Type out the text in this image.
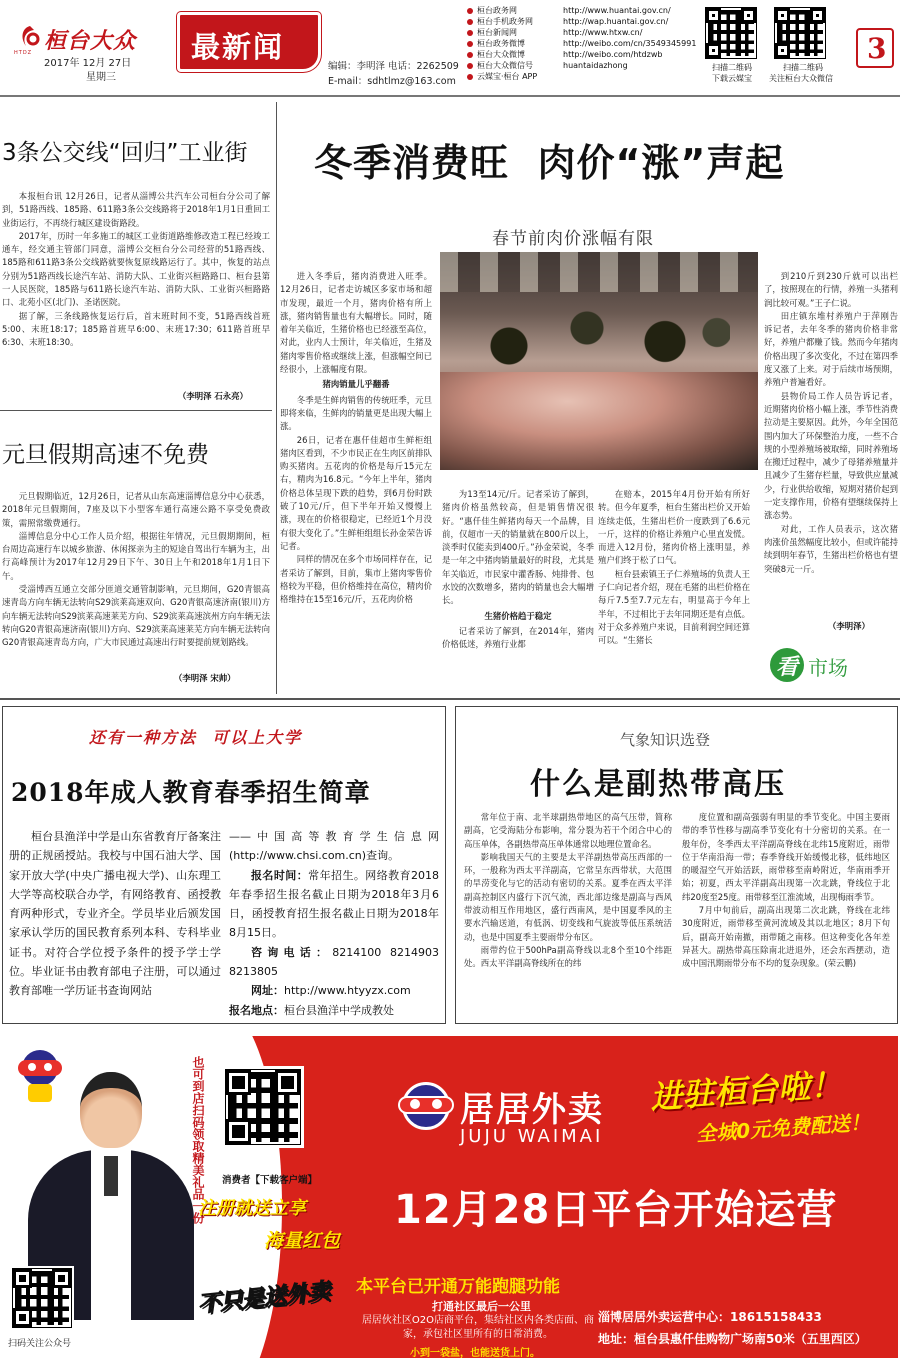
桓台大众
HTDZ
2017年 12月 27日
星期三
最新闻
编辑：李明泽 电话：2262509
E-mail：sdhtlmz@163.com
桓台政务网	http://www.huantai.gov.cn/
桓台手机政务网	http://wap.huantai.gov.cn/
桓台新闻网	http://www.htxw.cn/
桓台政务微博	http://weibo.com/cn/3549345991
桓台大众微博	http://weibo.com/htdzwb
桓台大众微信号	huantaidazhong
云媒宝·桓台 APP
扫描二维码
下载云媒宝
扫描二维码
关注桓台大众微信
3
3条公交线“回归”工业街

本报桓台讯 12月26日，记者从淄博公共汽车公司桓台分公司了解到，51路西线、185路、611路3条公交线路将于2018年1月1日重回工业街运行，不再绕行城区建设街路段。

2017年，历时一年多施工的城区工业街道路维修改造工程已经竣工通车，经交通主管部门同意，淄博公交桓台分公司经营的51路西线、185路和611路3条公交线路就要恢复原线路运行了。其中，恢复的站点分别为51路西线长途汽车站、消防大队、工业街兴桓路路口、桓台县第一人民医院，185路与611路长途汽车站、消防大队、工业街兴桓路路口、北苑小区(北门)、圣诺医院。

据了解，三条线路恢复运行后，首末班时间不变，51路西线首班5:00、末班18:17；185路首班早6:00、末班17:30；611路首班早6:30、末班18:30。

（李明泽 石永亮）
元旦假期高速不免费

元旦假期临近，12月26日，记者从山东高速淄博信息分中心获悉，2018年元旦假期间，7座及以下小型客车通行高速公路不享受免费政策，需照常缴费通行。

淄博信息分中心工作人员介绍，根据往年情况，元旦假期期间，桓台周边高速行车以城乡旅游、休闲探亲为主的短途自驾出行车辆为主，出行高峰预计为2017年12月29日下午、30日上午和2018年1月1日下午。

受淄博西互通立交部分匝道交通管制影响，元旦期间，G20青银高速青岛方向车辆无法转向S29滨莱高速双向、G20青银高速济南(银川)方向车辆无法转向S29滨莱高速莱芜方向、S29滨莱高速滨州方向车辆无法转向G20青银高速济南(银川)方向、S29滨莱高速莱芜方向车辆无法转向G20青银高速青岛方向，广大市民通过高速出行时要提前规划路线。

（李明泽 宋帅）
冬季消费旺  肉价“涨”声起
春节前肉价涨幅有限

进入冬季后，猪肉消费进入旺季。12月26日，记者走访城区多家市场和超市发现，最近一个月，猪肉价格有所上涨，猪肉销售量也有大幅增长。同时，随着年关临近，生猪价格也已经涨至高位，对此，业内人士预计，年关临近，生猪及猪肉零售价格或继续上涨，但涨幅空间已经很小，上涨幅度有限。

猪肉销量儿乎翻番

冬季是生鲜肉销售的传统旺季，元旦即将来临，生鲜肉的销量更是出现大幅上涨。

26日，记者在惠仟佳超市生鲜柜组猪肉区看到，不少市民正在生肉区前排队购买猪肉。五花肉的价格是每斤15元左右，精肉为16.8元。“今年上半年，猪肉价格总体呈现下跌的趋势，到6月份时跌破了10元/斤，但下半年开始又慢慢上涨，现在的价格很稳定，已经近1个月没有很大变化了。”生鲜柜组组长孙金荣告诉记者。

同样的情况在多个市场同样存在，记者采访了解到，目前，集市上猪肉零售价格较为平稳，但价格维持在高位，精肉价格维持在15至16元/斤，五花肉价格

为13至14元/斤。记者采访了解到，猪肉价格虽然较高，但是销售情况很好。“惠仟佳生鲜猪肉每天一个品牌，目前，仅超市一天的销量就在800斤以上，淡季时仅能卖到400斤。”孙金荣说，冬季是一年之中猪肉销量最好的时段，尤其是年关临近，市民家中灌香肠、炖排骨、包水饺的次数增多，猪肉的销量也会大幅增长。

生猪价格趋于稳定

记者采访了解到，在2014年，猪肉价格低迷，养殖行业都

在赔本，2015年4月份开始有所好转。但今年夏季，桓台生猪出栏价又开始连续走低，生猪出栏价一度跌到了6.6元一斤，这样的价格让养殖户心里直发慌。而进入12月份，猪肉价格上涨明显，养殖户们终于松了口气。

桓台县索镇王子仁养殖场的负责人王子仁向记者介绍，现在毛猪的出栏价格在每斤7.5至7.7元左右，明显高于今年上半年，不过相比于去年同期还是有点低。对于众多养殖户来说，目前利润空间还算可以。“生猪长

到210斤到230斤就可以出栏了，按照现在的行情，养殖一头猪利润比较可观。”王子仁说。

田庄镇东堆村养殖户于萍刚告诉记者，去年冬季的猪肉价格非常好，养殖户都赚了钱。然而今年猪肉价格出现了多次变化，不过在第四季度又涨了上来。对于后续市场预期，养殖户普遍看好。

县物价局工作人员告诉记者，近期猪肉价格小幅上涨，季节性消费拉动是主要原因。此外，今年全国范围内加大了环保整治力度，一些不合规的小型养殖场被取缔，同时养殖场在搬迁过程中，减少了母猪养殖量并且减少了生猪存栏量，导致供应量减少，行业供给收缩，短期对猪价起到一定支撑作用，价格有望继续保持上涨态势。

对此，工作人员表示，这次猪肉涨价虽然幅度比较小，但或许能持续到明年春节，生猪出栏价格也有望突破8元一斤。

（李明泽）
看 市场
还有一种方法  可以上大学
2018年成人教育春季招生简章
桓台县渔洋中学是山东省教育厅备案注册的正规函授站。我校与中国石油大学、国家开放大学(中央广播电视大学)、山东理工大学等高校联合办学，有网络教育、函授教育两种形式，专业齐全。学员毕业后颁发国家承认学历的国民教育系列本科、专科毕业证书。对符合学位授予条件的授予学士学位。毕业证书由教育部电子注册，可以通过教育部唯一学历证书查询网站
——中国高等教育学生信息网(http://www.chsi.com.cn)查询。
报名时间：常年招生。网络教育2018年春季招生报名截止日期为2018年3月6日，函授教育招生报名截止日期为2018年8月15日。
咨询电话：8214100 8214903 8213805
网址：http://www.htyyzx.com
报名地点：桓台县渔洋中学成教处
气象知识选登
什么是副热带高压

常年位于南、北半球副热带地区的高气压带，简称副高，它受海陆分布影响，常分裂为若干个闭合中心的高压单体，各副热带高压单体通常以地理位置命名。

影响我国天气的主要是太平洋副热带高压西部的一环，一般称为西太平洋副高，它常呈东西带状，大范围的旱涝变化与它的活动有密切的关系。夏季在西太平洋副高控制区内盛行下沉气流，西北部边缘是副高与西风带波动相互作用地区，盛行西南风，是中国夏季风的主要水汽输送道，有低涡、切变线和气旋波等低压系统活动，也是中国夏季主要雨带分布区。

雨带约位于500hPa副高脊线以北8个至10个纬距处。西太平洋副高脊线所在的纬

度位置和副高强弱有明显的季节变化。中国主要雨带的季节性移与副高季节变化有十分密切的关系。在一般年份，冬季西太平洋副高脊线在北纬15度附近，雨带位于华南沿海一带；春季脊线开始缓慢北移，低纬地区的暖湿空气开始活跃，雨带移至南岭附近，华南雨季开始；初夏，西太平洋副高出现第一次北跳，脊线位于北纬20度至25度。雨带移至江淮流域，出现梅雨季节。

7月中旬前后，副高出现第二次北跳，脊线在北纬30度附近，雨带移至黄河流域及其以北地区；8月下旬后，副高开始南撤，雨带随之南移。但这种变化各年差异甚大。副热带高压除南北进退外，还会东西摆动，造成中国汛期雨带分布不均的复杂现象。(荣云鹏)

也可到店扫码领取精美礼品一份 消费者【下载客户端】
注册就送立享
海量红包
居居外卖
JUJU WAIMAI
进驻桓台啦！
全城0元免费配送！
12月28日平台开始运营
不只是送外卖	本平台已开通万能跑腿功能
打通社区最后一公里
居居伙社区O2O店商平台，集结社区内各类店面、商家，承包社区里所有的日常消费。
小到一袋盐，也能送货上门。
扫码关注公众号
淄博居居外卖运营中心：18615158433
地址：桓台县惠仟佳购物广场南50米（五里西区）
